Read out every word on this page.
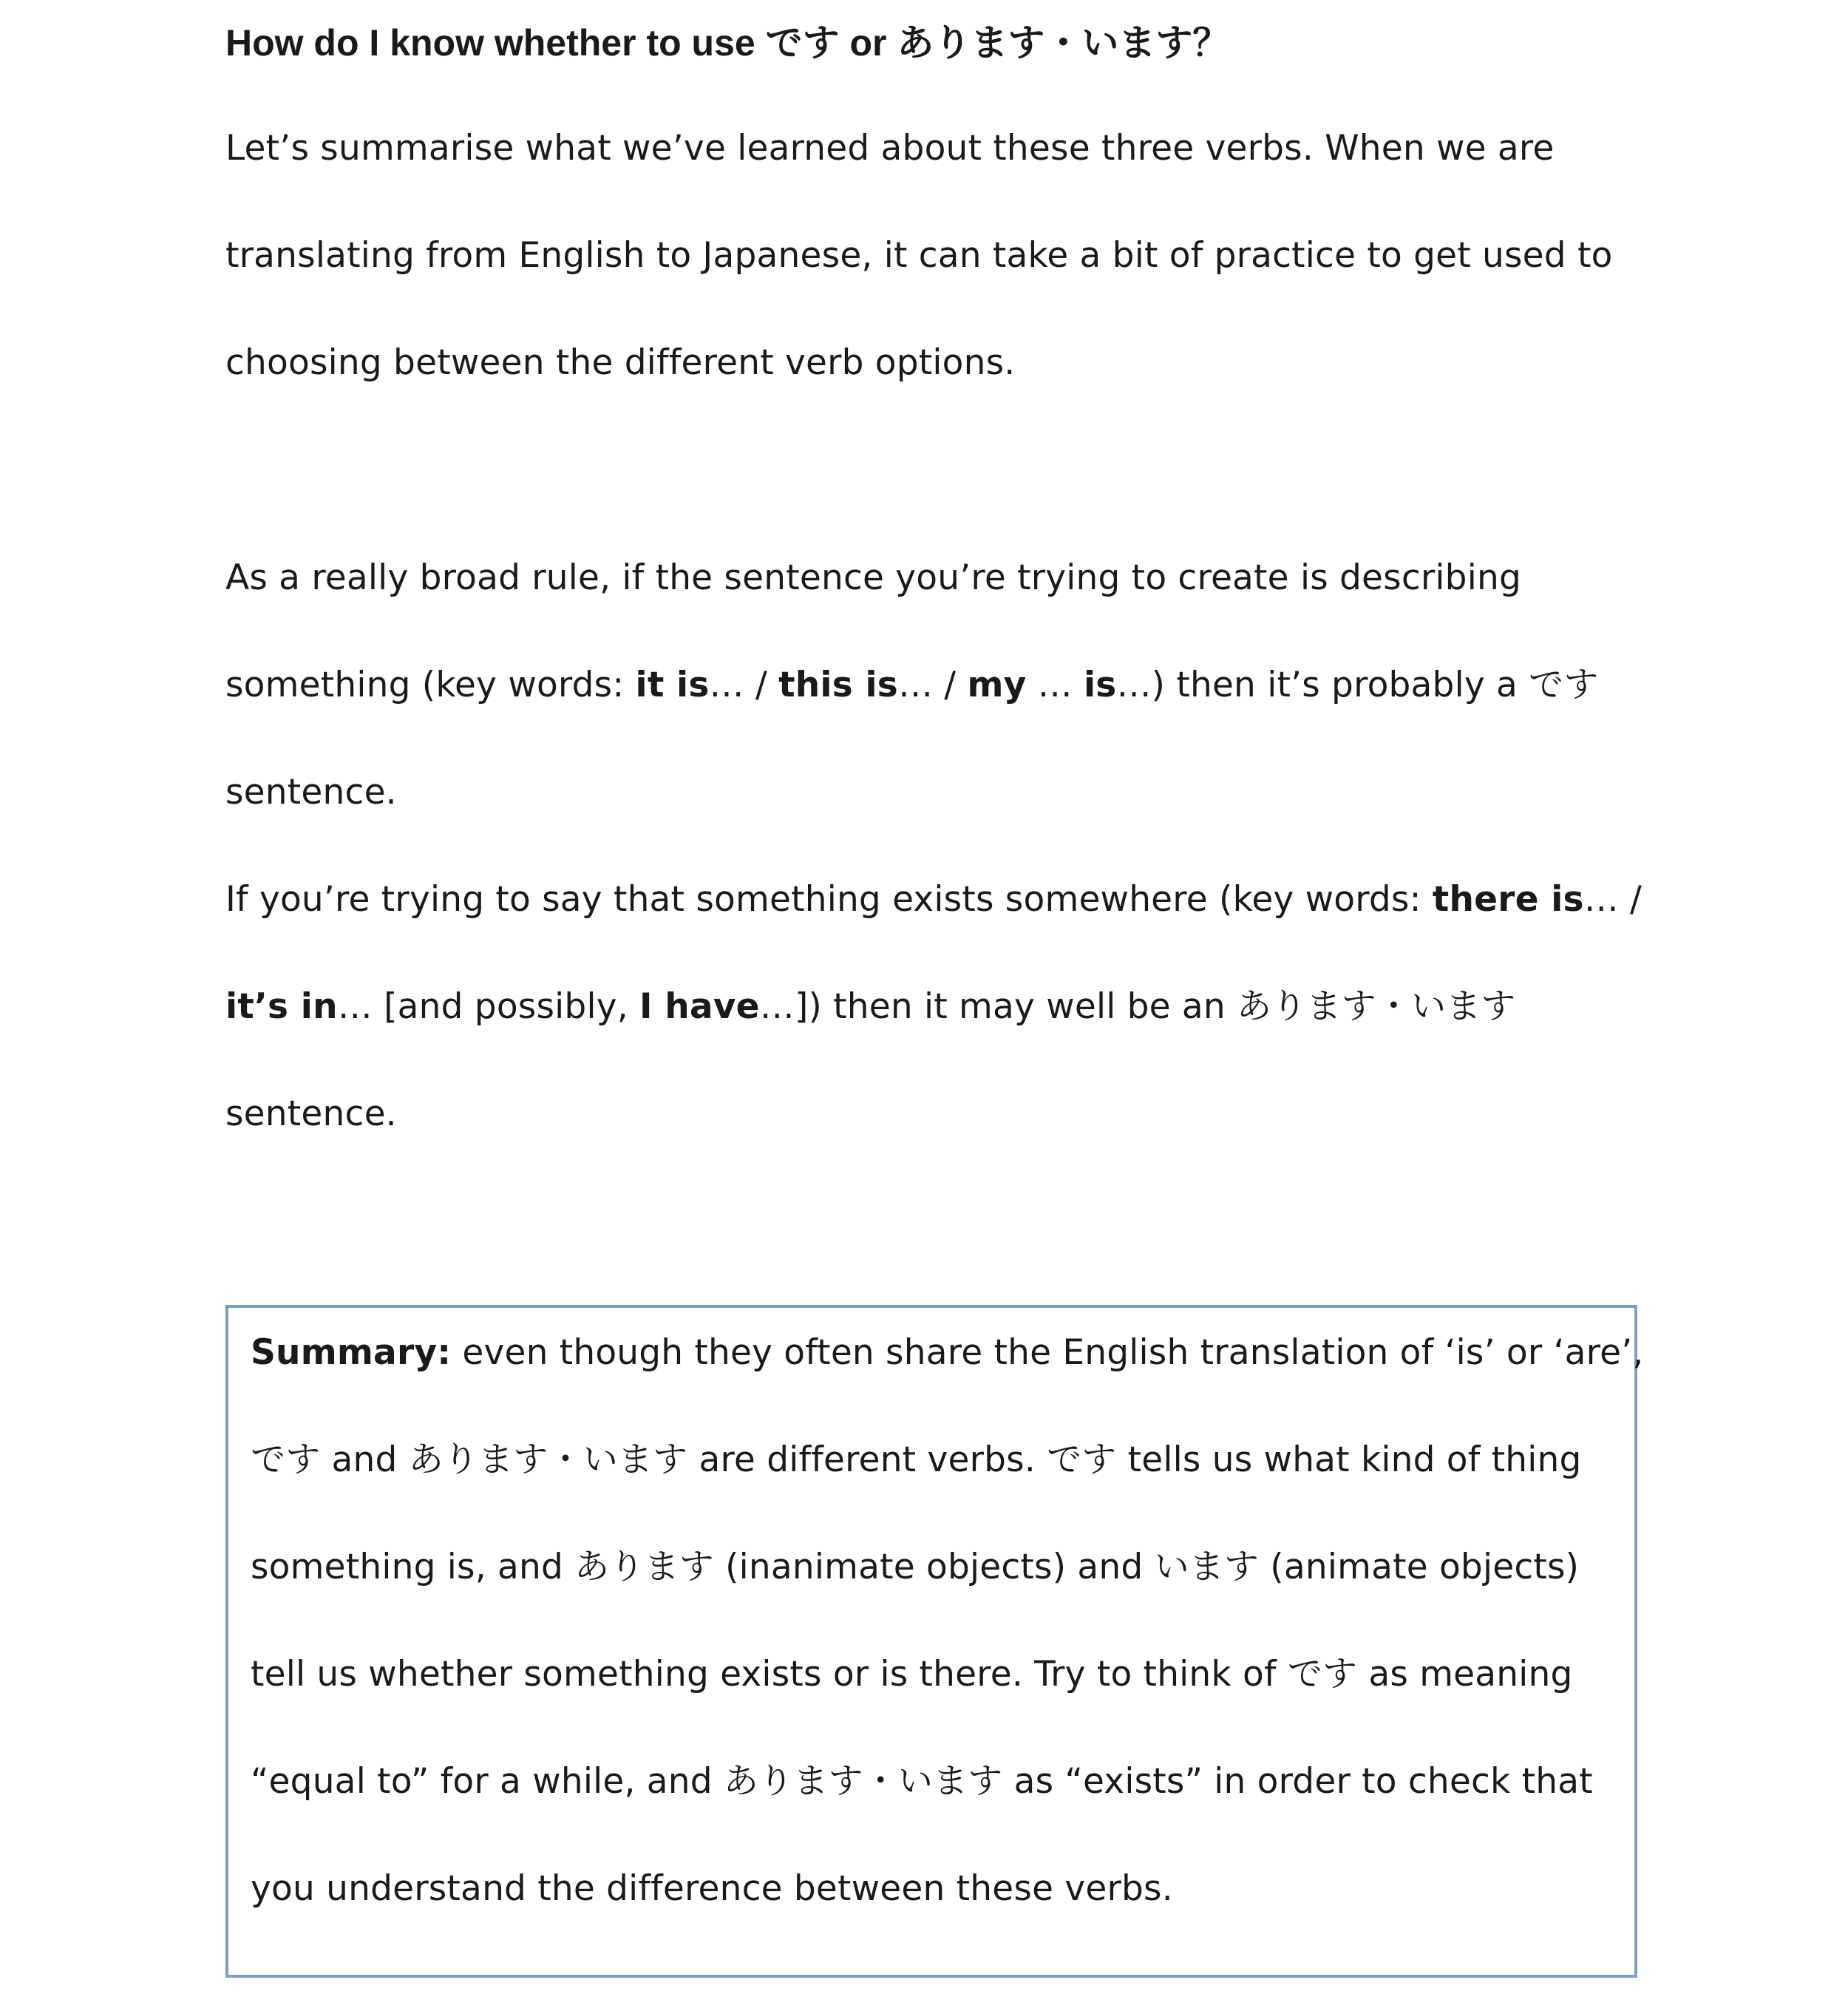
How do I know whether to use です or あります・います？

Let’s summarise what we’ve learned about these three verbs. When we are

translating from English to Japanese, it can take a bit of practice to get used to

choosing between the different verb options.

As a really broad rule, if the sentence you’re trying to create is describing

something (key words: it is… / this is… / my … is…) then it’s probably a です

sentence.

If you’re trying to say that something exists somewhere (key words: there is… /

it’s in… [and possibly, I have…]) then it may well be an あります・います

sentence.

Summary: even though they often share the English translation of ‘is’ or ‘are’,

です and あります・います are different verbs. です tells us what kind of thing

something is, and あります (inanimate objects) and います (animate objects)

tell us whether something exists or is there. Try to think of です as meaning

“equal to” for a while, and あります・います as “exists” in order to check that

you understand the difference between these verbs.
